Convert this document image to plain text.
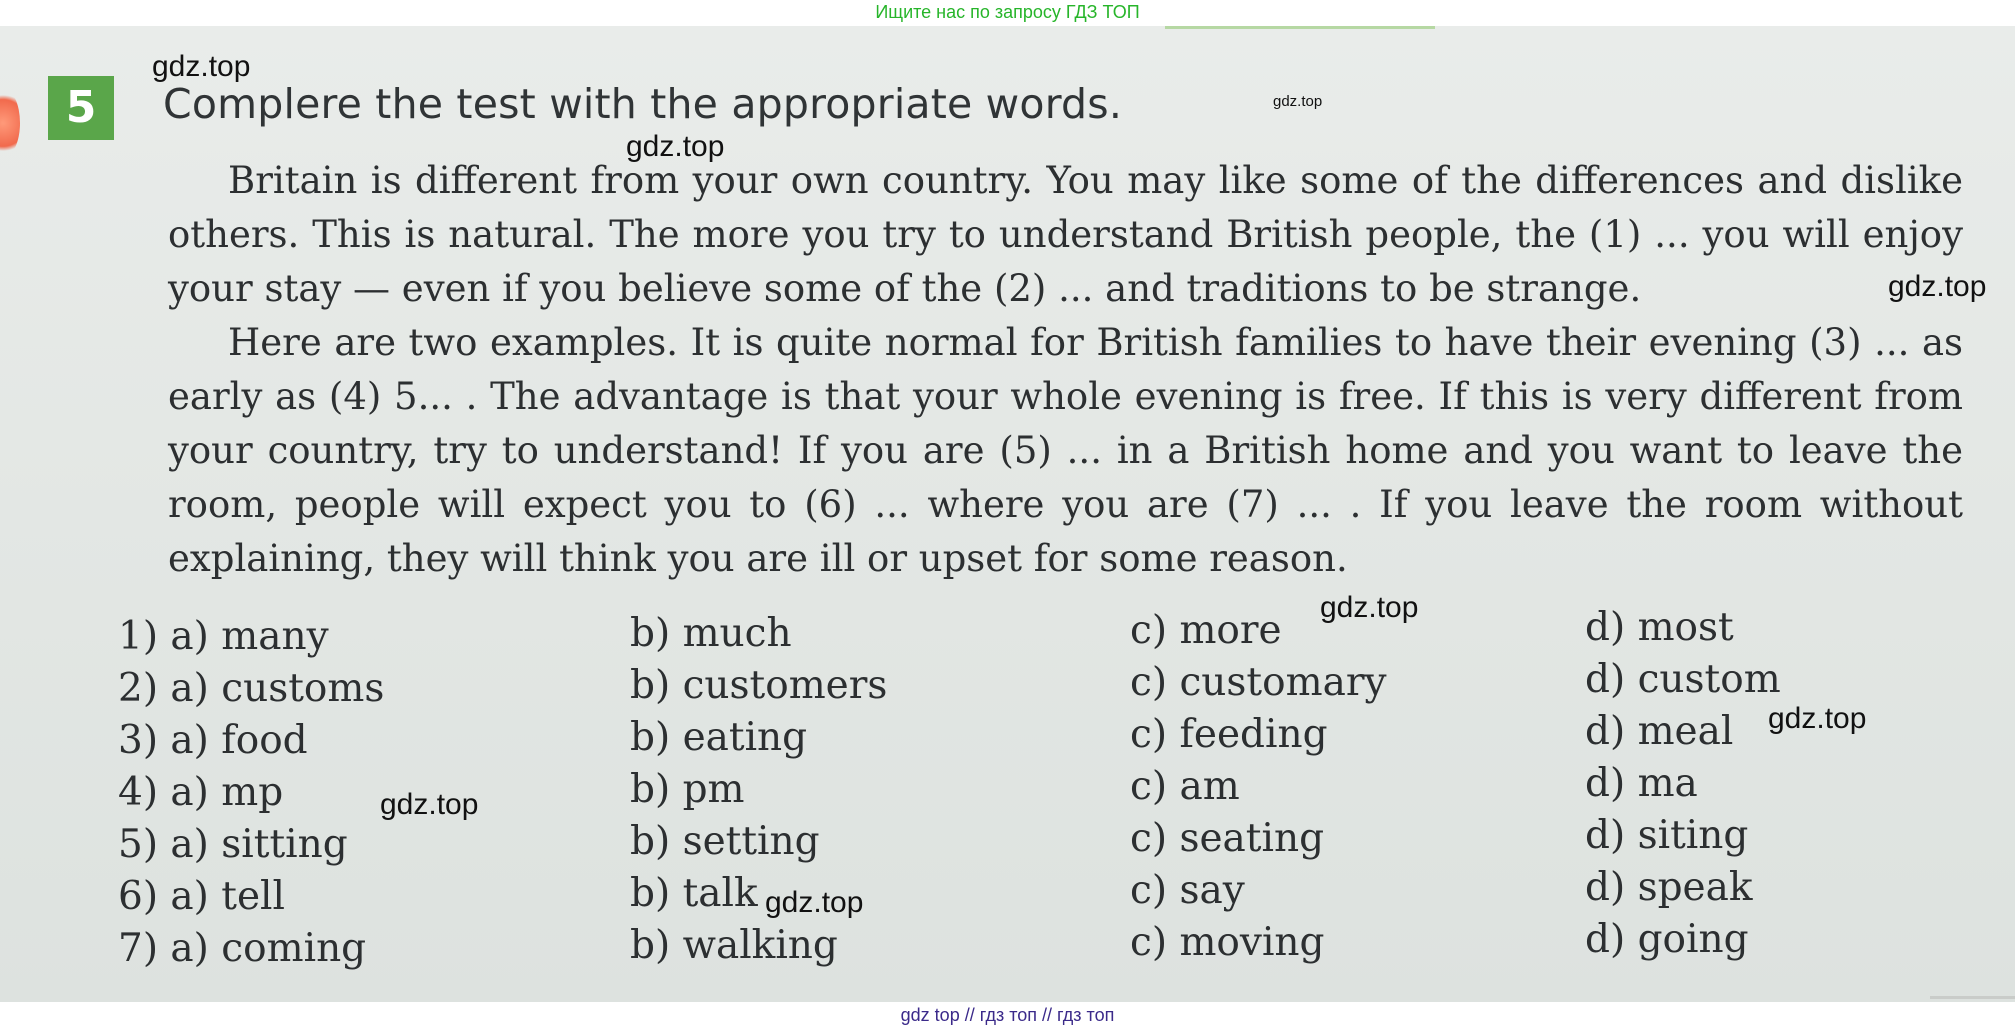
Ищите нас по запросу ГДЗ ТОП
5	Complere the test with the appropriate words.

Britain is different from your own country. You may like some of the differences and dislike others. This is natural. The more you try to understand British people, the (1) ... you will enjoy your stay — even if you believe some of the (2) ... and traditions to be strange.

Here are two examples. It is quite normal for British families to have their evening (3) ... as early as (4) 5... . The advantage is that your whole evening is free. If this is very different from your country, try to understand! If you are (5) ... in a British home and you want to leave the room, people will expect you to (6) ... where you are (7) ... . If you leave the room without explaining, they will think you are ill or upset for some reason.

1) a) many	b) much	c) more	d) most
2) a) customs	b) customers	c) customary	d) custom
3) a) food	b) eating	c) feeding	d) meal
4) a) mp	b) pm	c) am	d) ma
5) a) sitting	b) setting	c) seating	d) siting
6) a) tell	b) talk	c) say	d) speak
7) a) coming	b) walking	c) moving	d) going
gdz.top
gdz.top
gdz.top
gdz.top
gdz.top
gdz.top
gdz.top
gdz.top
gdz top // гдз топ // гдз топ
